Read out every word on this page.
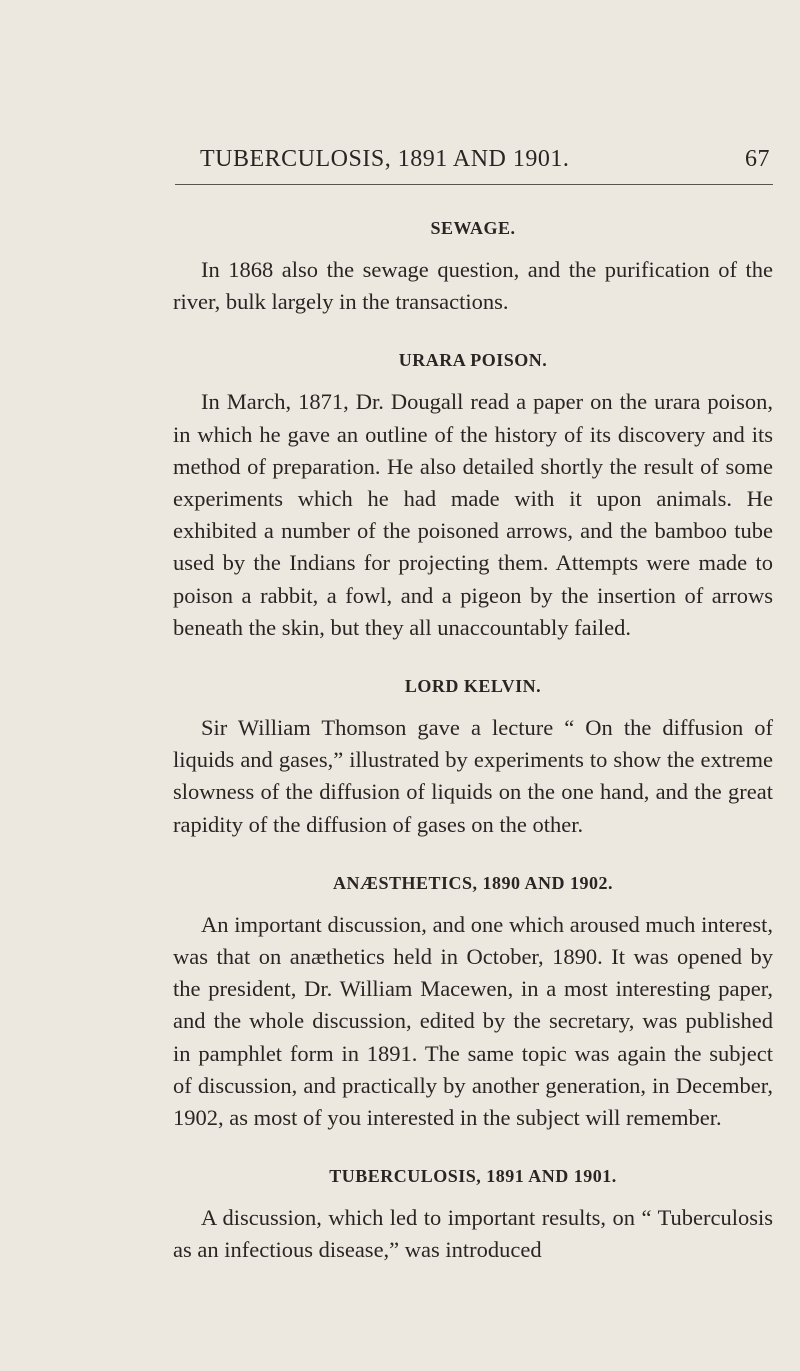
TUBERCULOSIS, 1891 AND 1901.	67
SEWAGE.

In 1868 also the sewage question, and the purification of the river, bulk largely in the transactions.

URARA POISON.

In March, 1871, Dr. Dougall read a paper on the urara poison, in which he gave an outline of the history of its discovery and its method of preparation. He also detailed shortly the result of some experiments which he had made with it upon animals. He exhibited a number of the poisoned arrows, and the bamboo tube used by the Indians for projecting them. Attempts were made to poison a rabbit, a fowl, and a pigeon by the insertion of arrows beneath the skin, but they all unaccountably failed.

LORD KELVIN.

Sir William Thomson gave a lecture “ On the diffusion of liquids and gases,” illustrated by experiments to show the extreme slowness of the diffusion of liquids on the one hand, and the great rapidity of the diffusion of gases on the other.

ANÆSTHETICS, 1890 AND 1902.

An important discussion, and one which aroused much interest, was that on anæthetics held in October, 1890. It was opened by the president, Dr. William Macewen, in a most interesting paper, and the whole discussion, edited by the secretary, was published in pamphlet form in 1891. The same topic was again the subject of discussion, and practically by another generation, in December, 1902, as most of you interested in the subject will remember.

TUBERCULOSIS, 1891 AND 1901.

A discussion, which led to important results, on “ Tuberculosis as an infectious disease,” was introduced
